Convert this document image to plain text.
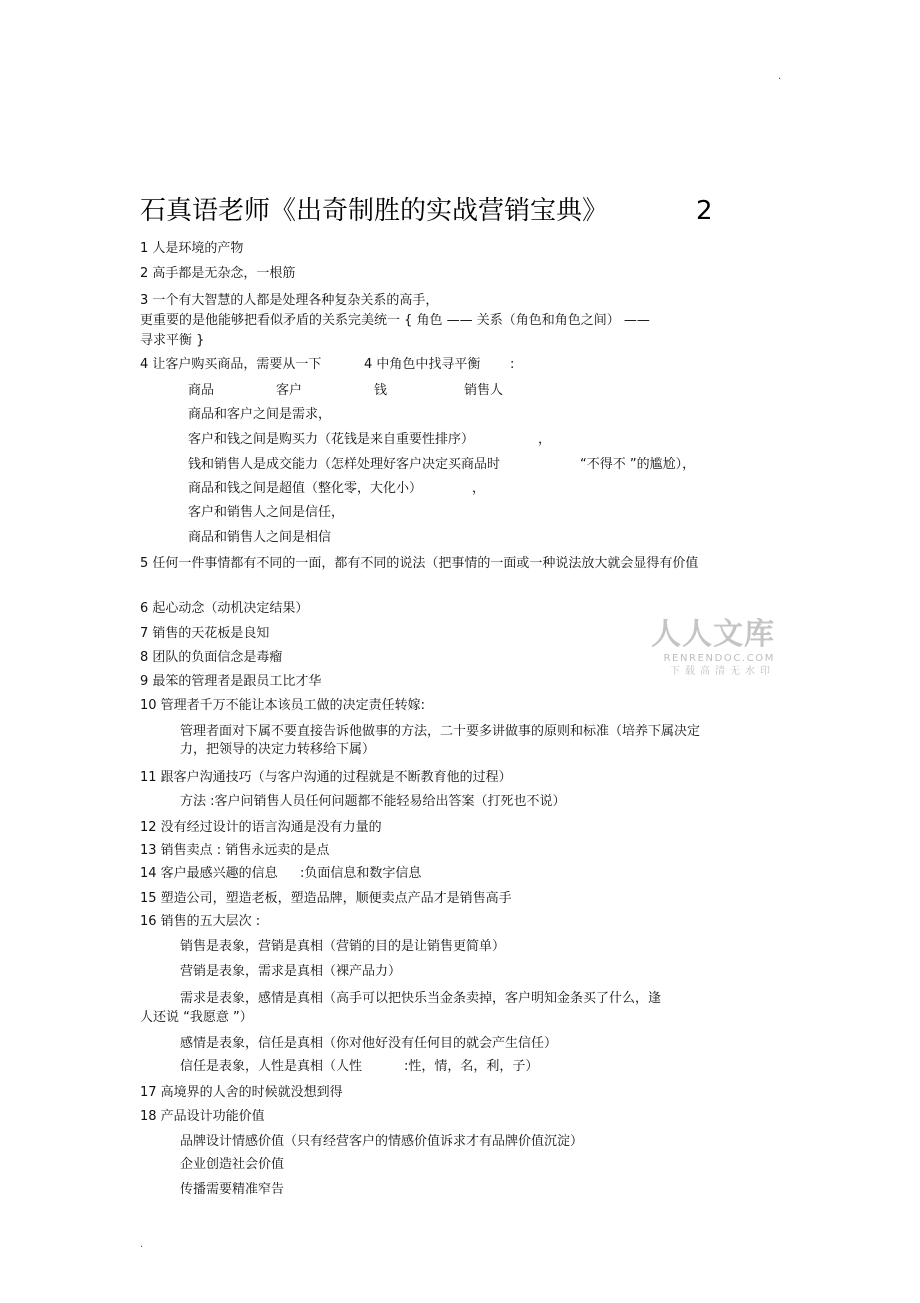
.
石真语老师《出奇制胜的实战营销宝典》	2
1 人是环境的产物
2 高手都是无杂念，一根筋
3 一个有大智慧的人都是处理各种复杂关系的高手，
更重要的是他能够把看似矛盾的关系完美统一 { 角色 —— 关系（角色和角色之间） ——
寻求平衡 }
4 让客户购买商品，需要从一下	4 中角色中找寻平衡 :
商品	客户	钱	销售人
商品和客户之间是需求，
客户和钱之间是购买力（花钱是来自重要性排序）	，
钱和销售人是成交能力（怎样处理好客户决定买商品时	“不得不 ”的尴尬），
商品和钱之间是超值（整化零，大化小）	，
客户和销售人之间是信任，
商品和销售人之间是相信
5 任何一件事情都有不同的一面，都有不同的说法（把事情的一面或一种说法放大就会显得有价值
6 起心动念（动机决定结果）
7 销售的天花板是良知
8 团队的负面信念是毒瘤
9 最笨的管理者是跟员工比才华
10 管理者千万不能让本该员工做的决定责任转嫁:
管理者面对下属不要直接告诉他做事的方法，二十要多讲做事的原则和标准（培养下属决定力，把领导的决定力转移给下属）
11 跟客户沟通技巧（与客户沟通的过程就是不断教育他的过程）
方法 :客户问销售人员任何问题都不能轻易给出答案（打死也不说）
12 没有经过设计的语言沟通是没有力量的
13 销售卖点 : 销售永远卖的是点
14 客户最感兴趣的信息 :负面信息和数字信息
15 塑造公司，塑造老板，塑造品牌，顺便卖点产品才是销售高手
16 销售的五大层次 :
销售是表象，营销是真相（营销的目的是让销售更简单）
营销是表象，需求是真相（裸产品力）
需求是表象，感情是真相（高手可以把快乐当金条卖掉，客户明知金条买了什么，逢
人还说 “我愿意 ”）
感情是表象，信任是真相（你对他好没有任何目的就会产生信任）
信任是表象，人性是真相（人性	:性，情，名，利，子）
17 高境界的人舍的时候就没想到得
18 产品设计功能价值
品牌设计情感价值（只有经营客户的情感价值诉求才有品牌价值沉淀）
企业创造社会价值
传播需要精准窄告
人人文库
RENRENDOC.COM
下载高清无水印
.
